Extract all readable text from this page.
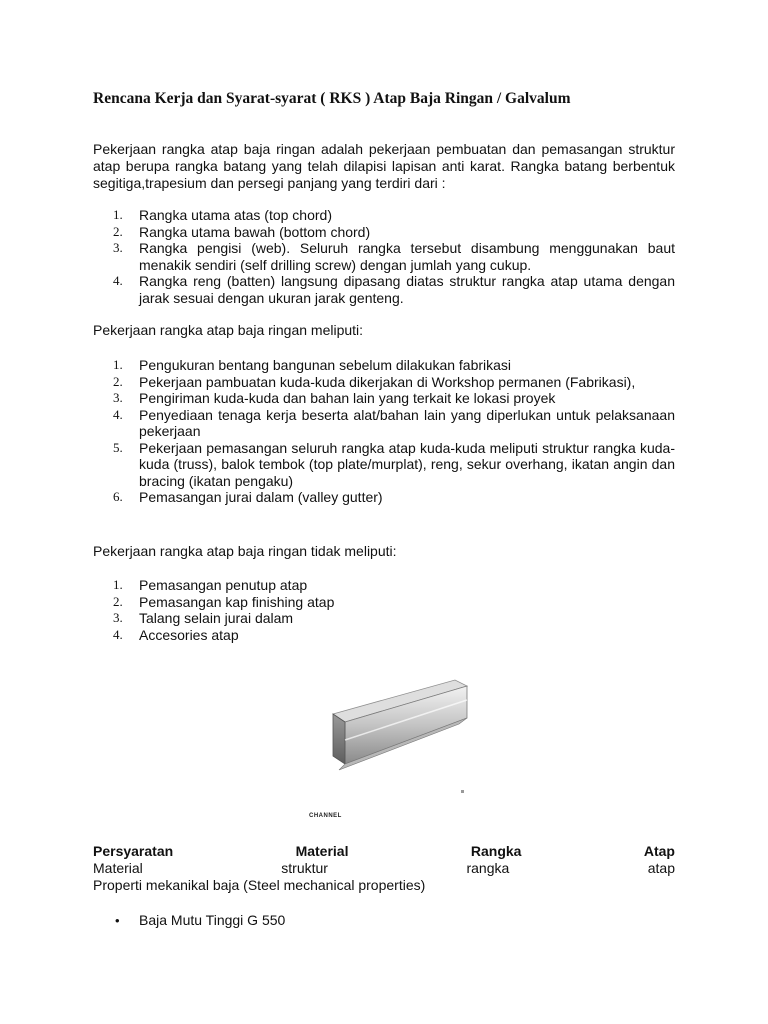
Rencana Kerja dan Syarat-syarat ( RKS ) Atap Baja Ringan / Galvalum

Pekerjaan rangka atap baja ringan adalah pekerjaan pembuatan dan pemasangan struktur atap berupa rangka batang yang telah dilapisi lapisan anti karat. Rangka batang berbentuk segitiga,trapesium dan persegi panjang yang terdiri dari :

1. Rangka utama atas (top chord)
2. Rangka utama bawah (bottom chord)
3. Rangka pengisi (web). Seluruh rangka tersebut disambung menggunakan baut menakik sendiri (self drilling screw) dengan jumlah yang cukup.
4. Rangka reng (batten) langsung dipasang diatas struktur rangka atap utama dengan jarak sesuai dengan ukuran jarak genteng.

Pekerjaan rangka atap baja ringan meliputi:

1. Pengukuran bentang bangunan sebelum dilakukan fabrikasi
2. Pekerjaan pambuatan kuda-kuda dikerjakan di Workshop permanen (Fabrikasi),
3. Pengiriman kuda-kuda dan bahan lain yang terkait ke lokasi proyek
4. Penyediaan tenaga kerja beserta alat/bahan lain yang diperlukan untuk pelaksanaan pekerjaan
5. Pekerjaan pemasangan seluruh rangka atap kuda-kuda meliputi struktur rangka kuda-kuda (truss), balok tembok (top plate/murplat), reng, sekur overhang, ikatan angin dan bracing (ikatan pengaku)
6. Pemasangan jurai dalam (valley gutter)

Pekerjaan rangka atap baja ringan tidak meliputi:

1. Pemasangan penutup atap
2. Pemasangan kap finishing atap
3. Talang selain jurai dalam
4. Accesories atap
CHANNEL
Persyaratan	Material	Rangka	Atap
Material	struktur	rangka	atap

Properti mekanikal baja (Steel mechanical properties)

• Baja Mutu Tinggi G 550
